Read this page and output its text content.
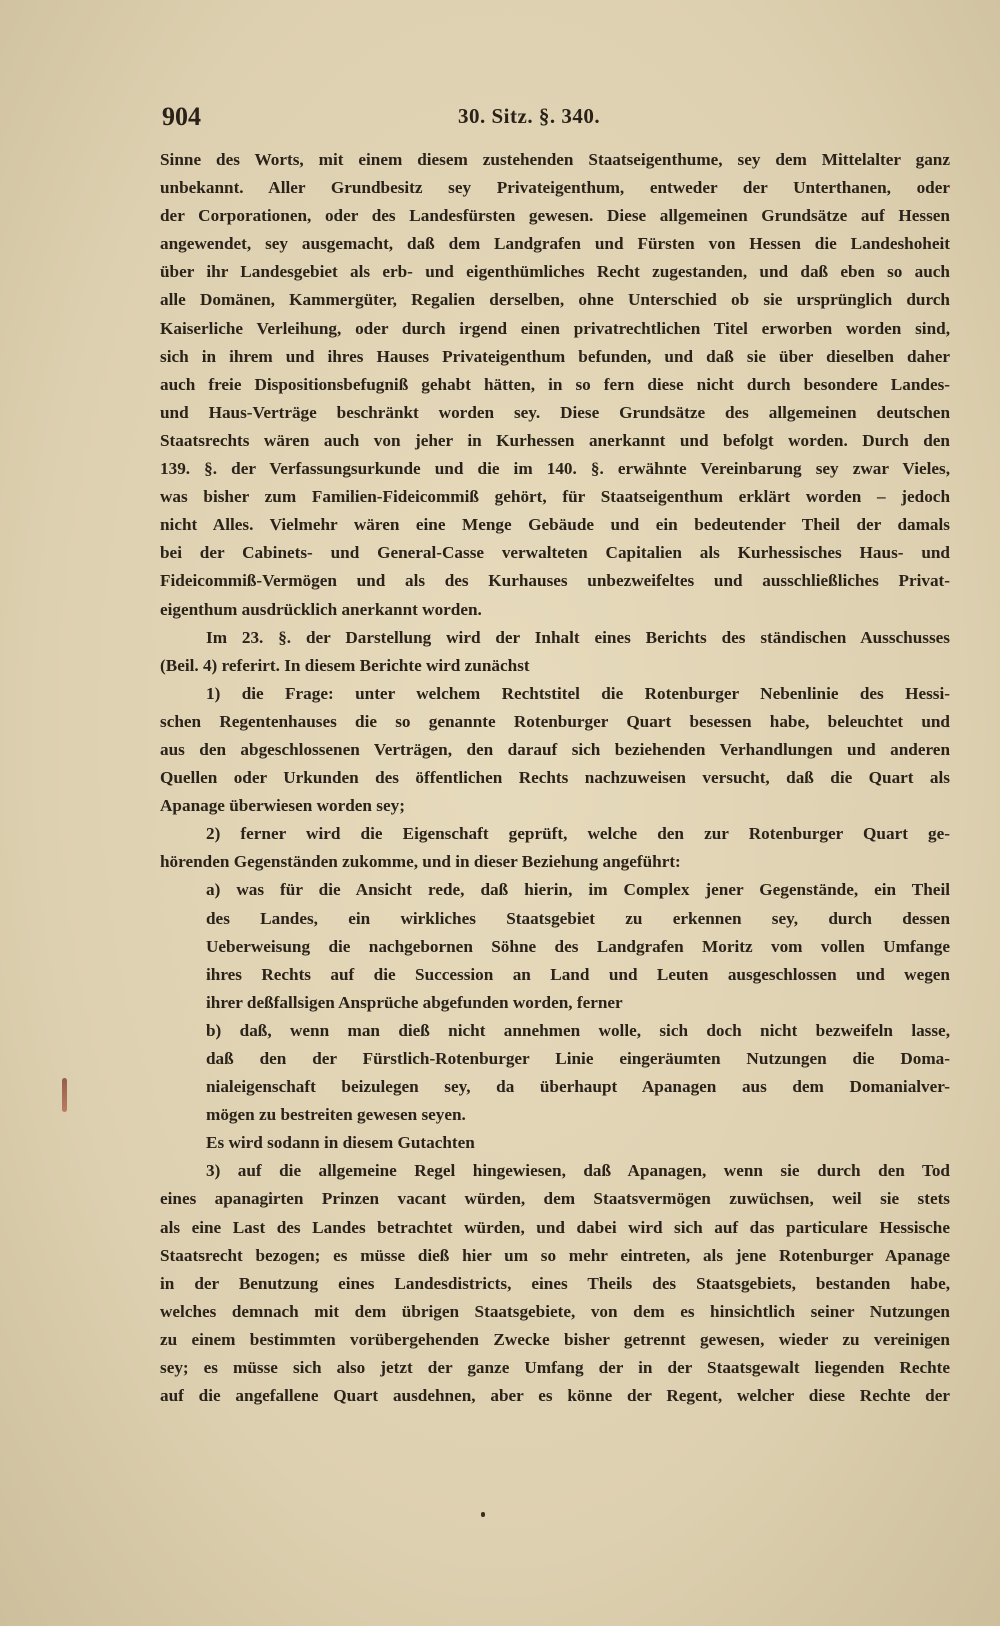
904	30. Sitz. §. 340.
Sinne des Worts, mit einem diesem zustehenden Staatseigenthume, sey dem Mittelalter ganz
unbekannt. Aller Grundbesitz sey Privateigenthum, entweder der Unterthanen, oder
der Corporationen, oder des Landesfürsten gewesen. Diese allgemeinen Grundsätze auf Hessen
angewendet, sey ausgemacht, daß dem Landgrafen und Fürsten von Hessen die Landeshoheit
über ihr Landesgebiet als erb- und eigenthümliches Recht zugestanden, und daß eben so auch
alle Domänen, Kammergüter, Regalien derselben, ohne Unterschied ob sie ursprünglich durch
Kaiserliche Verleihung, oder durch irgend einen privatrechtlichen Titel erworben worden sind,
sich in ihrem und ihres Hauses Privateigenthum befunden, und daß sie über dieselben daher
auch freie Dispositionsbefugniß gehabt hätten, in so fern diese nicht durch besondere Landes-
und Haus-Verträge beschränkt worden sey. Diese Grundsätze des allgemeinen deutschen
Staatsrechts wären auch von jeher in Kurhessen anerkannt und befolgt worden. Durch den
139. §. der Verfassungsurkunde und die im 140. §. erwähnte Vereinbarung sey zwar Vieles,
was bisher zum Familien-Fideicommiß gehört, für Staatseigenthum erklärt worden – jedoch
nicht Alles. Vielmehr wären eine Menge Gebäude und ein bedeutender Theil der damals
bei der Cabinets- und General-Casse verwalteten Capitalien als Kurhessisches Haus- und
Fideicommiß-Vermögen und als des Kurhauses unbezweifeltes und ausschließliches Privat-
eigenthum ausdrücklich anerkannt worden.
Im 23. §. der Darstellung wird der Inhalt eines Berichts des ständischen Ausschusses
(Beil. 4) referirt. In diesem Berichte wird zunächst
1) die Frage: unter welchem Rechtstitel die Rotenburger Nebenlinie des Hessi-
schen Regentenhauses die so genannte Rotenburger Quart besessen habe, beleuchtet und
aus den abgeschlossenen Verträgen, den darauf sich beziehenden Verhandlungen und anderen
Quellen oder Urkunden des öffentlichen Rechts nachzuweisen versucht, daß die Quart als
Apanage überwiesen worden sey;
2) ferner wird die Eigenschaft geprüft, welche den zur Rotenburger Quart ge-
hörenden Gegenständen zukomme, und in dieser Beziehung angeführt:
a) was für die Ansicht rede, daß hierin, im Complex jener Gegenstände, ein Theil
des Landes, ein wirkliches Staatsgebiet zu erkennen sey, durch dessen
Ueberweisung die nachgebornen Söhne des Landgrafen Moritz vom vollen Umfange
ihres Rechts auf die Succession an Land und Leuten ausgeschlossen und wegen
ihrer deßfallsigen Ansprüche abgefunden worden, ferner
b) daß, wenn man dieß nicht annehmen wolle, sich doch nicht bezweifeln lasse,
daß den der Fürstlich-Rotenburger Linie eingeräumten Nutzungen die Doma-
nialeigenschaft beizulegen sey, da überhaupt Apanagen aus dem Domanialver-
mögen zu bestreiten gewesen seyen.
Es wird sodann in diesem Gutachten
3) auf die allgemeine Regel hingewiesen, daß Apanagen, wenn sie durch den Tod
eines apanagirten Prinzen vacant würden, dem Staatsvermögen zuwüchsen, weil sie stets
als eine Last des Landes betrachtet würden, und dabei wird sich auf das particulare Hessische
Staatsrecht bezogen; es müsse dieß hier um so mehr eintreten, als jene Rotenburger Apanage
in der Benutzung eines Landesdistricts, eines Theils des Staatsgebiets, bestanden habe,
welches demnach mit dem übrigen Staatsgebiete, von dem es hinsichtlich seiner Nutzungen
zu einem bestimmten vorübergehenden Zwecke bisher getrennt gewesen, wieder zu vereinigen
sey; es müsse sich also jetzt der ganze Umfang der in der Staatsgewalt liegenden Rechte
auf die angefallene Quart ausdehnen, aber es könne der Regent, welcher diese Rechte der
